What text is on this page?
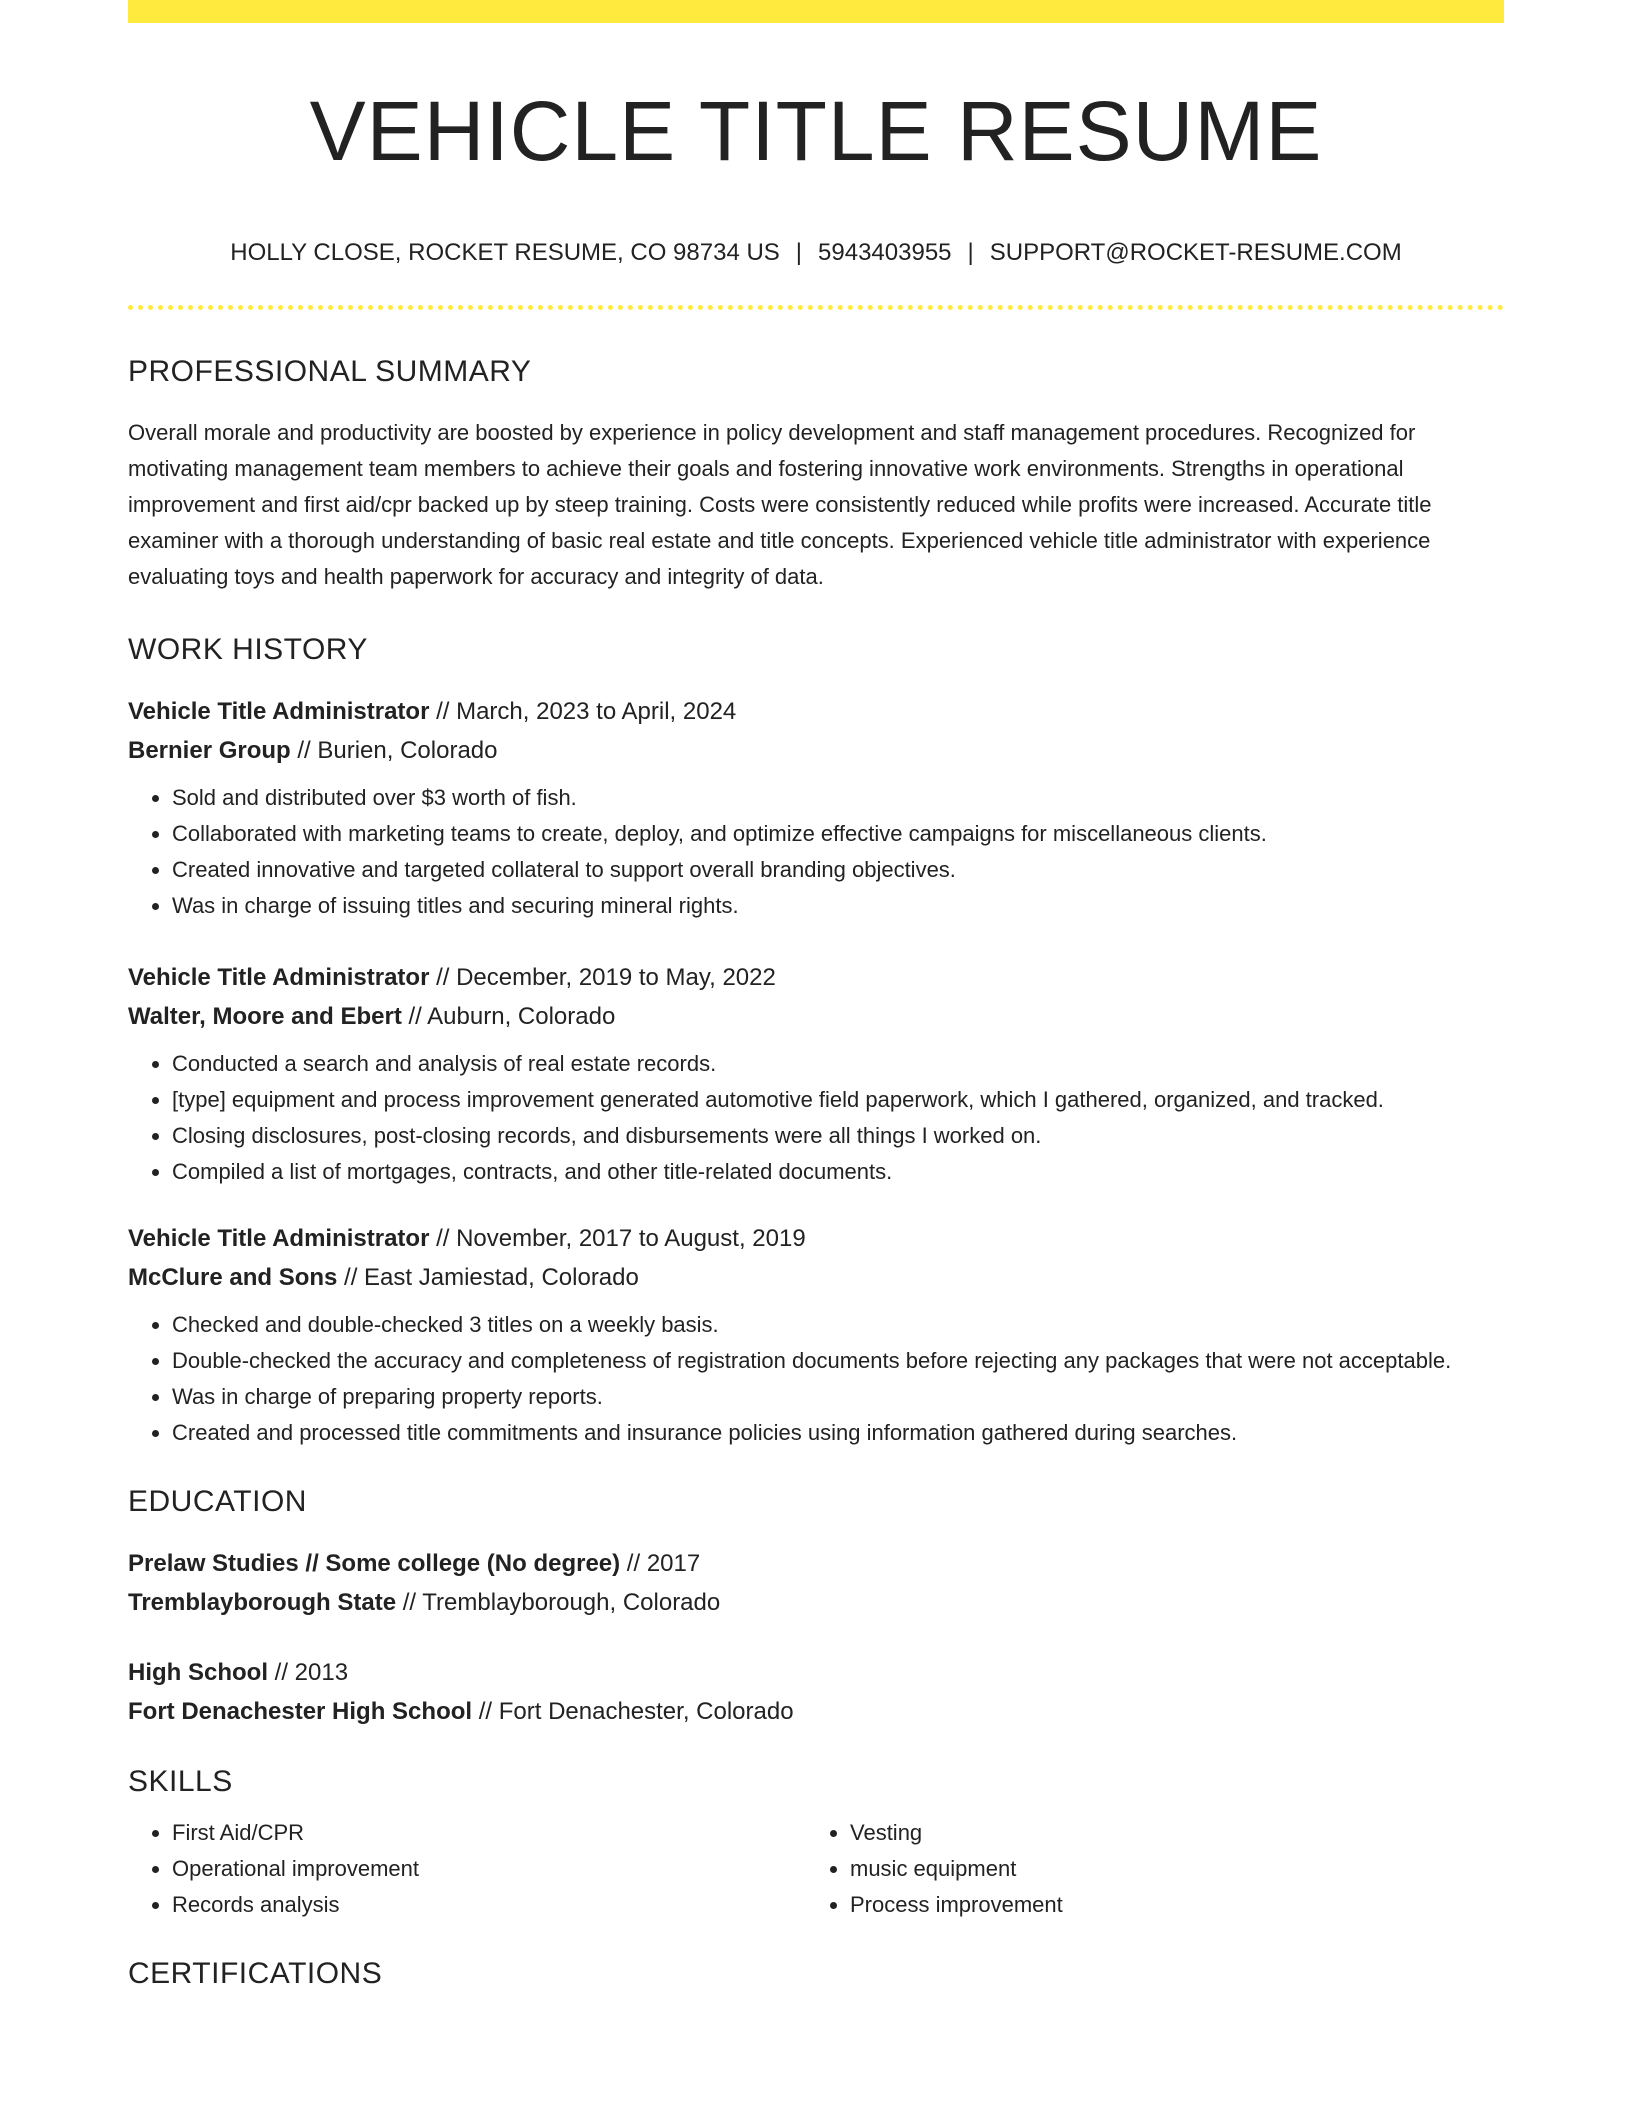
VEHICLE TITLE RESUME
HOLLY CLOSE, ROCKET RESUME, CO 98734 US | 5943403955 | SUPPORT@ROCKET-RESUME.COM
PROFESSIONAL SUMMARY
Overall morale and productivity are boosted by experience in policy development and staff management procedures. Recognized for motivating management team members to achieve their goals and fostering innovative work environments. Strengths in operational improvement and first aid/cpr backed up by steep training. Costs were consistently reduced while profits were increased. Accurate title examiner with a thorough understanding of basic real estate and title concepts. Experienced vehicle title administrator with experience evaluating toys and health paperwork for accuracy and integrity of data.
WORK HISTORY
Vehicle Title Administrator // March, 2023 to April, 2024
Bernier Group // Burien, Colorado
• Sold and distributed over $3 worth of fish.
• Collaborated with marketing teams to create, deploy, and optimize effective campaigns for miscellaneous clients.
• Created innovative and targeted collateral to support overall branding objectives.
• Was in charge of issuing titles and securing mineral rights.
Vehicle Title Administrator // December, 2019 to May, 2022
Walter, Moore and Ebert // Auburn, Colorado
• Conducted a search and analysis of real estate records.
• [type] equipment and process improvement generated automotive field paperwork, which I gathered, organized, and tracked.
• Closing disclosures, post-closing records, and disbursements were all things I worked on.
• Compiled a list of mortgages, contracts, and other title-related documents.
Vehicle Title Administrator // November, 2017 to August, 2019
McClure and Sons // East Jamiestad, Colorado
• Checked and double-checked 3 titles on a weekly basis.
• Double-checked the accuracy and completeness of registration documents before rejecting any packages that were not acceptable.
• Was in charge of preparing property reports.
• Created and processed title commitments and insurance policies using information gathered during searches.
EDUCATION
Prelaw Studies // Some college (No degree) // 2017
Tremblayborough State // Tremblayborough, Colorado
High School // 2013
Fort Denachester High School // Fort Denachester, Colorado
SKILLS
• First Aid/CPR
• Operational improvement
• Records analysis
• Vesting
• music equipment
• Process improvement
CERTIFICATIONS
